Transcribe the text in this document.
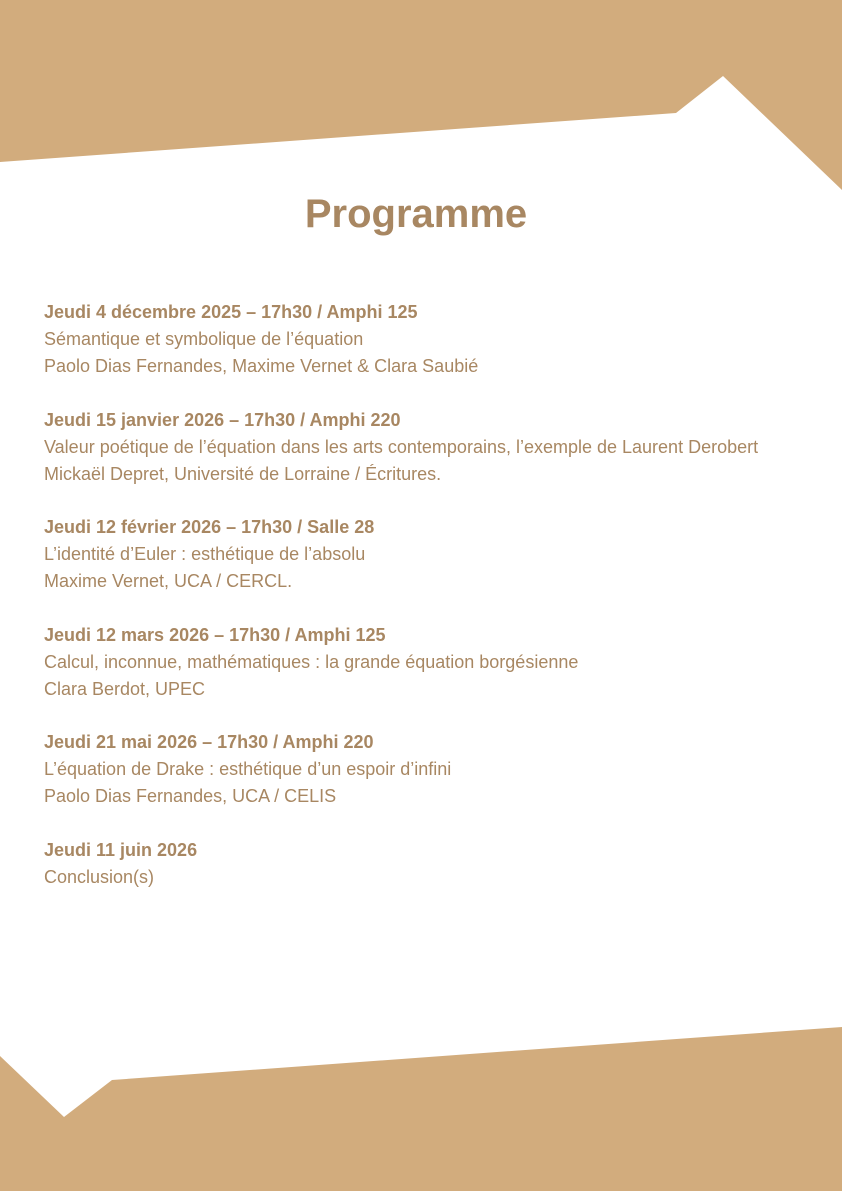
Programme
Jeudi 4 décembre 2025 – 17h30 / Amphi 125
Sémantique et symbolique de l’équation
Paolo Dias Fernandes, Maxime Vernet & Clara Saubié
Jeudi 15 janvier 2026 – 17h30 / Amphi 220
Valeur poétique de l’équation dans les arts contemporains, l’exemple de Laurent Derobert
Mickaël Depret, Université de Lorraine / Écritures.
Jeudi 12 février 2026 – 17h30 / Salle 28
L’identité d’Euler : esthétique de l’absolu
Maxime Vernet, UCA / CERCL.
Jeudi 12 mars 2026 – 17h30 / Amphi 125
Calcul, inconnue, mathématiques : la grande équation borgésienne
Clara Berdot, UPEC
Jeudi 21 mai 2026 – 17h30 / Amphi 220
L’équation de Drake : esthétique d’un espoir d’infini
Paolo Dias Fernandes, UCA / CELIS
Jeudi 11 juin 2026
Conclusion(s)
